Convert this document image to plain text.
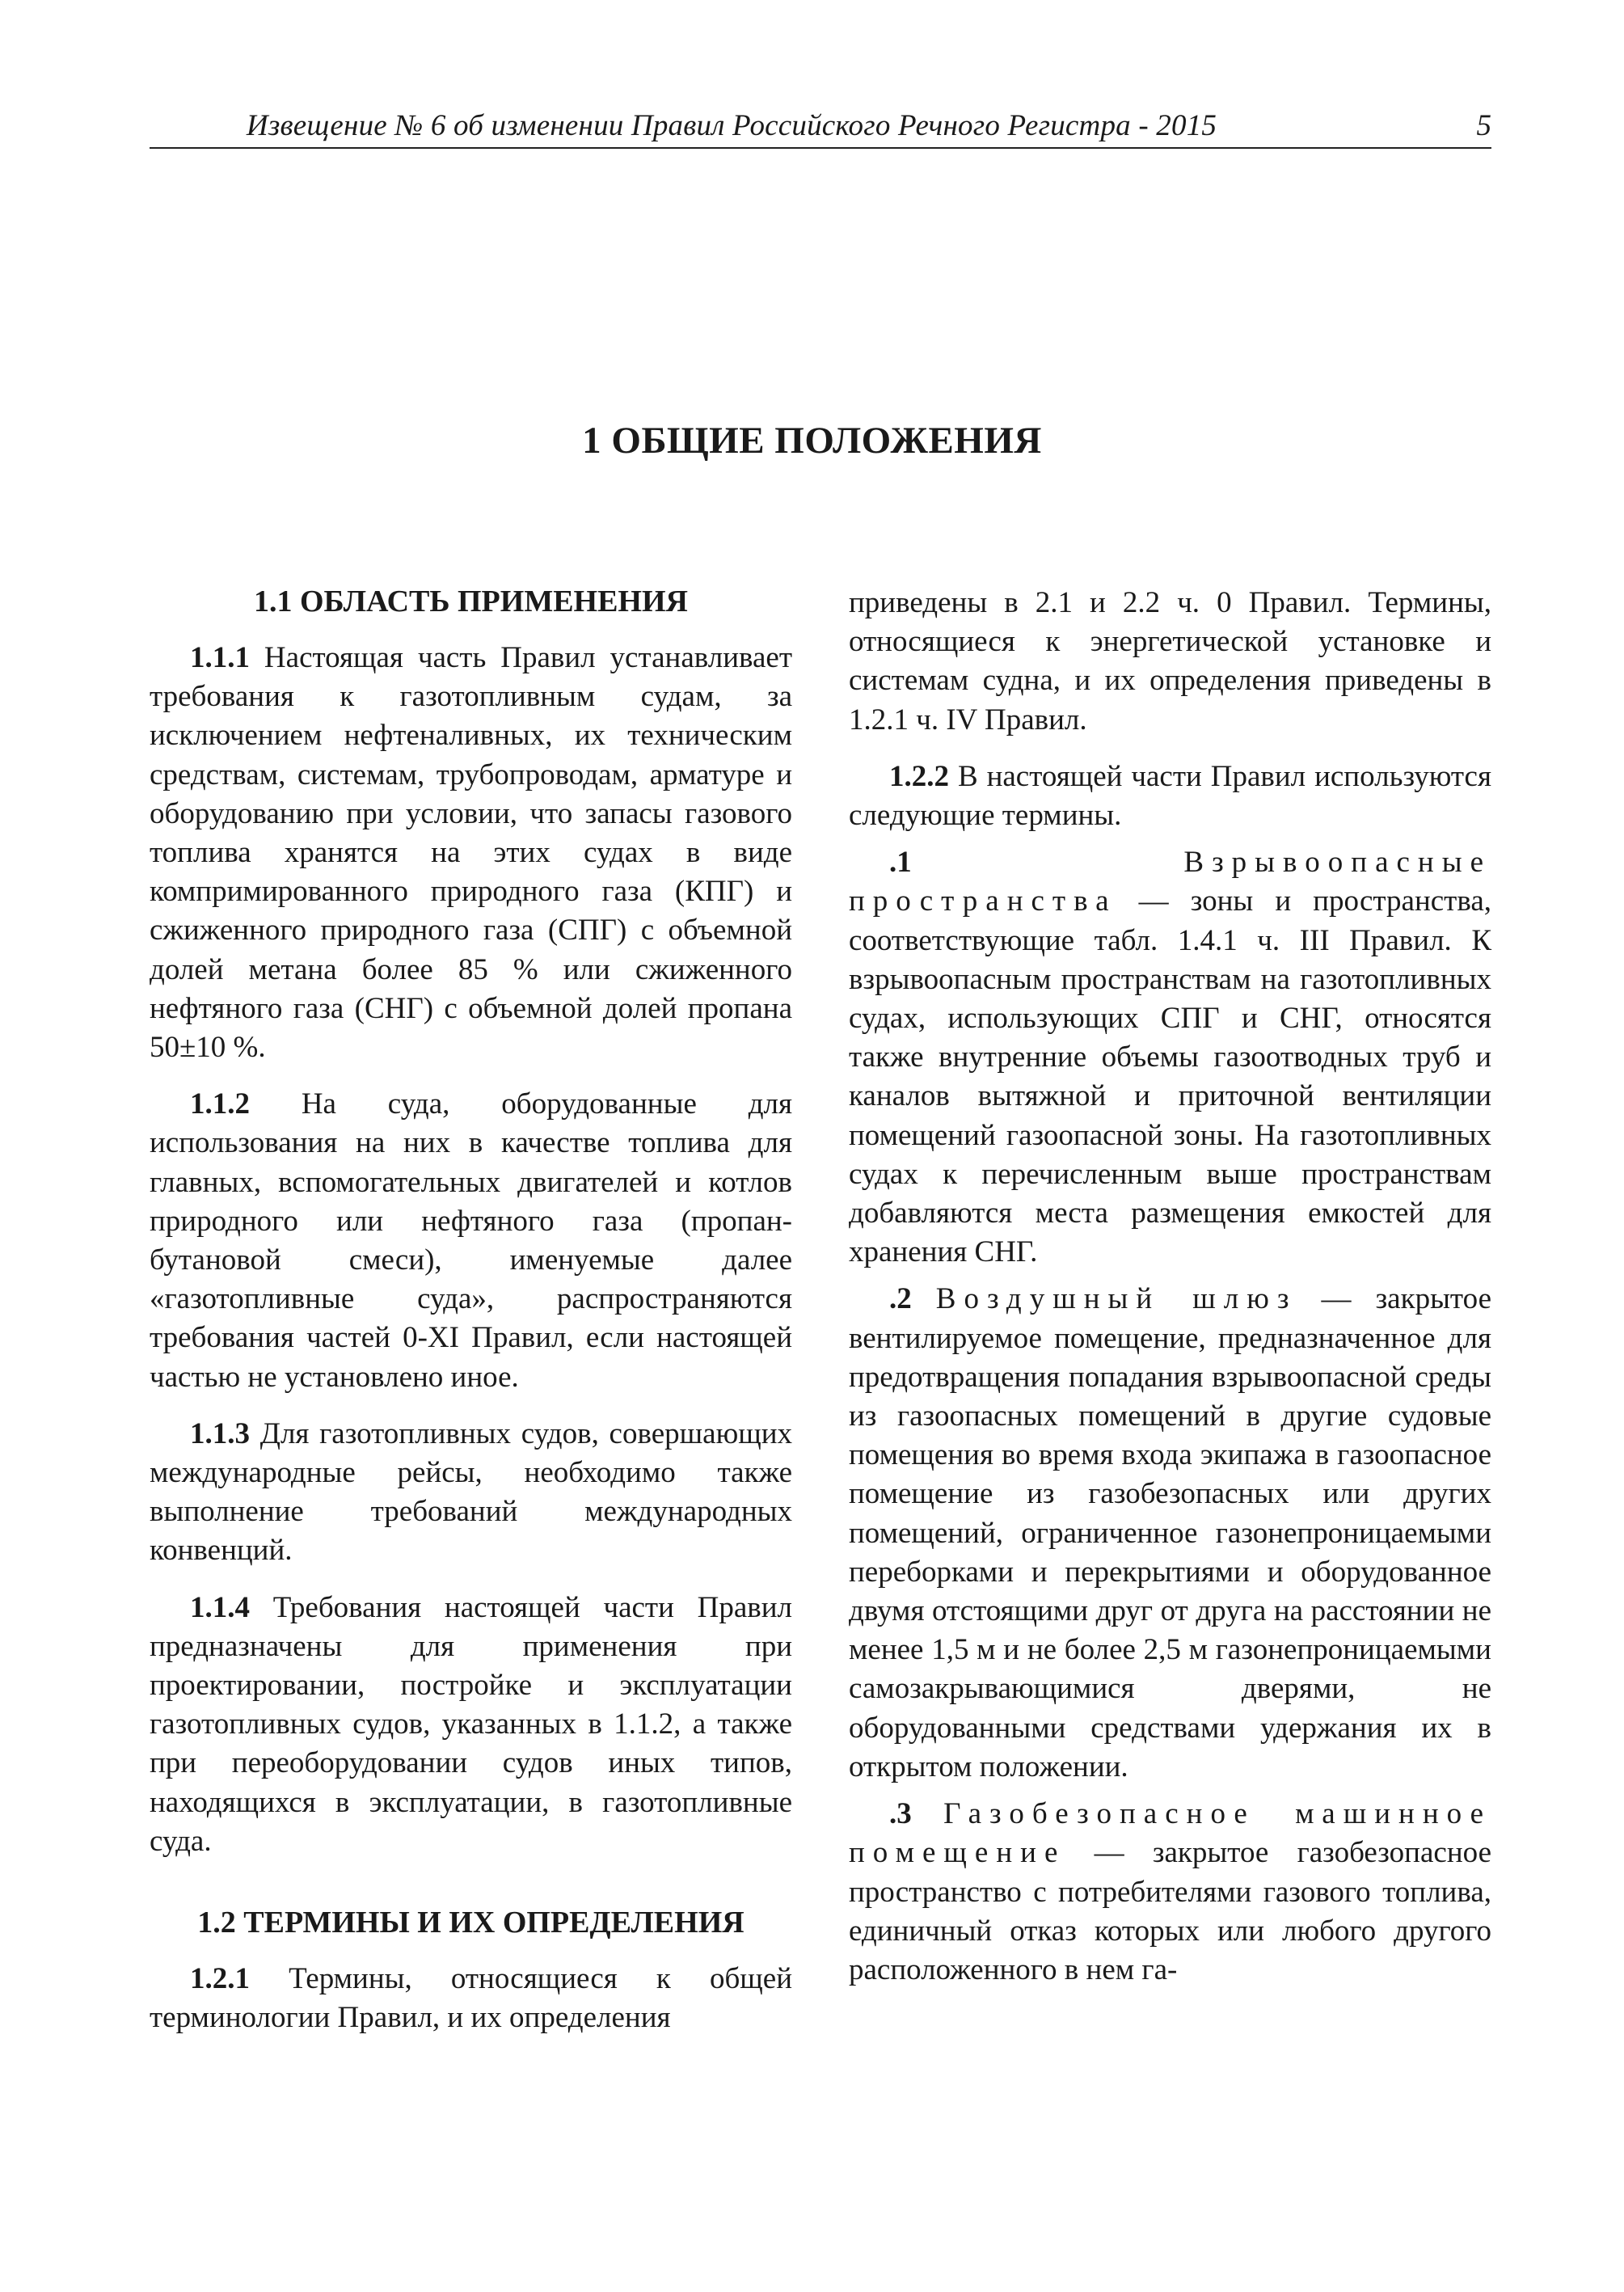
Извещение № 6 об изменении Правил Российского Речного Регистра - 2015	5
1 ОБЩИЕ ПОЛОЖЕНИЯ
1.1 ОБЛАСТЬ ПРИМЕНЕНИЯ

1.1.1 Настоящая часть Правил устанавливает требования к газотопливным судам, за исключением нефтеналивных, их техническим средствам, системам, трубопроводам, арматуре и оборудованию при условии, что запасы газового топлива хранятся на этих судах в виде компримированного природного газа (КПГ) и сжиженного природного газа (СПГ) с объемной долей метана более 85 % или сжиженного нефтяного газа (СНГ) с объемной долей пропана 50±10 %.

1.1.2 На суда, оборудованные для использования на них в качестве топлива для главных, вспомогательных двигателей и котлов природного или нефтяного газа (пропан-бутановой смеси), именуемые далее «газотопливные суда», распространяются требования частей 0-XI Правил, если настоящей частью не установлено иное.

1.1.3 Для газотопливных судов, совершающих международные рейсы, необходимо также выполнение требований международных конвенций.

1.1.4 Требования настоящей части Правил предназначены для применения при проектировании, постройке и эксплуатации газотопливных судов, указанных в 1.1.2, а также при переоборудовании судов иных типов, находящихся в эксплуатации, в газотопливные суда.

1.2 ТЕРМИНЫ И ИХ ОПРЕДЕЛЕНИЯ

1.2.1 Термины, относящиеся к общей терминологии Правил, и их определения

приведены в 2.1 и 2.2 ч. 0 Правил. Термины, относящиеся к энергетической установке и системам судна, и их определения приведены в 1.2.1 ч. IV Правил.

1.2.2 В настоящей части Правил используются следующие термины.

.1	Взрывоопасные пространства — зоны и пространства, соответствующие табл. 1.4.1 ч. III Правил. К взрывоопасным пространствам на газотопливных судах, использующих СПГ и СНГ, относятся также внутренние объемы газоотводных труб и каналов вытяжной и приточной вентиляции помещений газоопасной зоны. На газотопливных судах к перечисленным выше пространствам добавляются места размещения емкостей для хранения СНГ.

.2 Воздушный шлюз — закрытое вентилируемое помещение, предназначенное для предотвращения попадания взрывоопасной среды из газоопасных помещений в другие судовые помещения во время входа экипажа в газоопасное помещение из газобезопасных или других помещений, ограниченное газонепроницаемыми переборками и перекрытиями и оборудованное двумя отстоящими друг от друга на расстоянии не менее 1,5 м и не более 2,5 м газонепроницаемыми самозакрывающимися дверями, не оборудованными средствами удержания их в открытом положении.

.3 Газобезопасное машинное помещение — закрытое газобезопасное пространство с потребителями газового топлива, единичный отказ которых или любого другого расположенного в нем га-
